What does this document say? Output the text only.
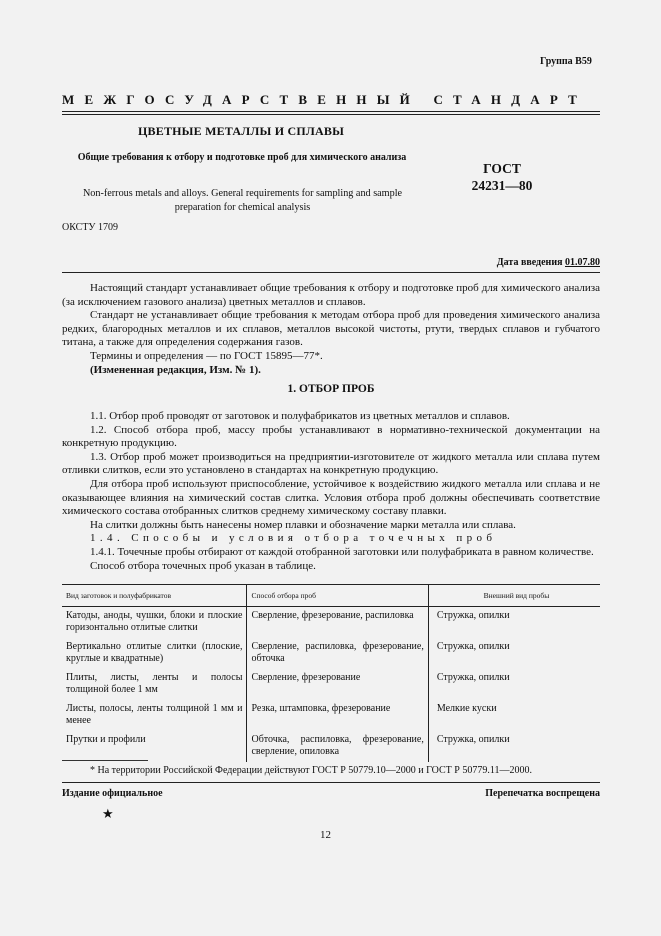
Группа В59
МЕЖГОСУДАРСТВЕННЫЙ СТАНДАРТ
ЦВЕТНЫЕ МЕТАЛЛЫ И СПЛАВЫ
Общие требования к отбору и подготовке проб для химического анализа
Non-ferrous metals and alloys. General requirements for sampling and sample preparation for chemical analysis
ГОСТ
24231—80
ОКСТУ 1709
Дата введения 01.07.80

Настоящий стандарт устанавливает общие требования к отбору и подготовке проб для химического анализа (за исключением газового анализа) цветных металлов и сплавов.

Стандарт не устанавливает общие требования к методам отбора проб для проведения химического анализа редких, благородных металлов и их сплавов, металлов высокой чистоты, ртути, твердых сплавов и губчатого титана, а также для определения содержания газов.

Термины и определения — по ГОСТ 15895—77*.

(Измененная редакция, Изм. № 1).

1. ОТБОР ПРОБ

1.1. Отбор проб проводят от заготовок и полуфабрикатов из цветных металлов и сплавов.

1.2. Способ отбора проб, массу пробы устанавливают в нормативно-технической документации на конкретную продукцию.

1.3. Отбор проб может производиться на предприятии-изготовителе от жидкого металла или сплава путем отливки слитков, если это установлено в стандартах на конкретную продукцию.

Для отбора проб используют приспособление, устойчивое к воздействию жидкого металла или сплава и не оказывающее влияния на химический состав слитка. Условия отбора проб должны обеспечивать соответствие химического состава отобранных слитков среднему химическому составу плавки.

На слитки должны быть нанесены номер плавки и обозначение марки металла или сплава.

1.4. Способы и условия отбора точечных проб

1.4.1. Точечные пробы отбирают от каждой отобранной заготовки или полуфабриката в равном количестве.

Способ отбора точечных проб указан в таблице.

Вид заготовок и полуфабрикатов	Способ отбора проб	Внешний вид пробы
Катоды, аноды, чушки, блоки и плоские горизонтально отлитые слитки	Сверление, фрезерование, распиловка	Стружка, опилки
Вертикально отлитые слитки (плоские, круглые и квадратные)	Сверление, распиловка, фрезерование, обточка	Стружка, опилки
Плиты, листы, ленты и полосы толщиной более 1 мм	Сверление, фрезерование	Стружка, опилки
Листы, полосы, ленты толщиной 1 мм и менее	Резка, штамповка, фрезерование	Мелкие куски
Прутки и профили	Обточка, распиловка, фрезерование, сверление, опиловка	Стружка, опилки
* На территории Российской Федерации действуют ГОСТ Р 50779.10—2000 и ГОСТ Р 50779.11—2000.
Издание официальное	Перепечатка воспрещена
★
12
